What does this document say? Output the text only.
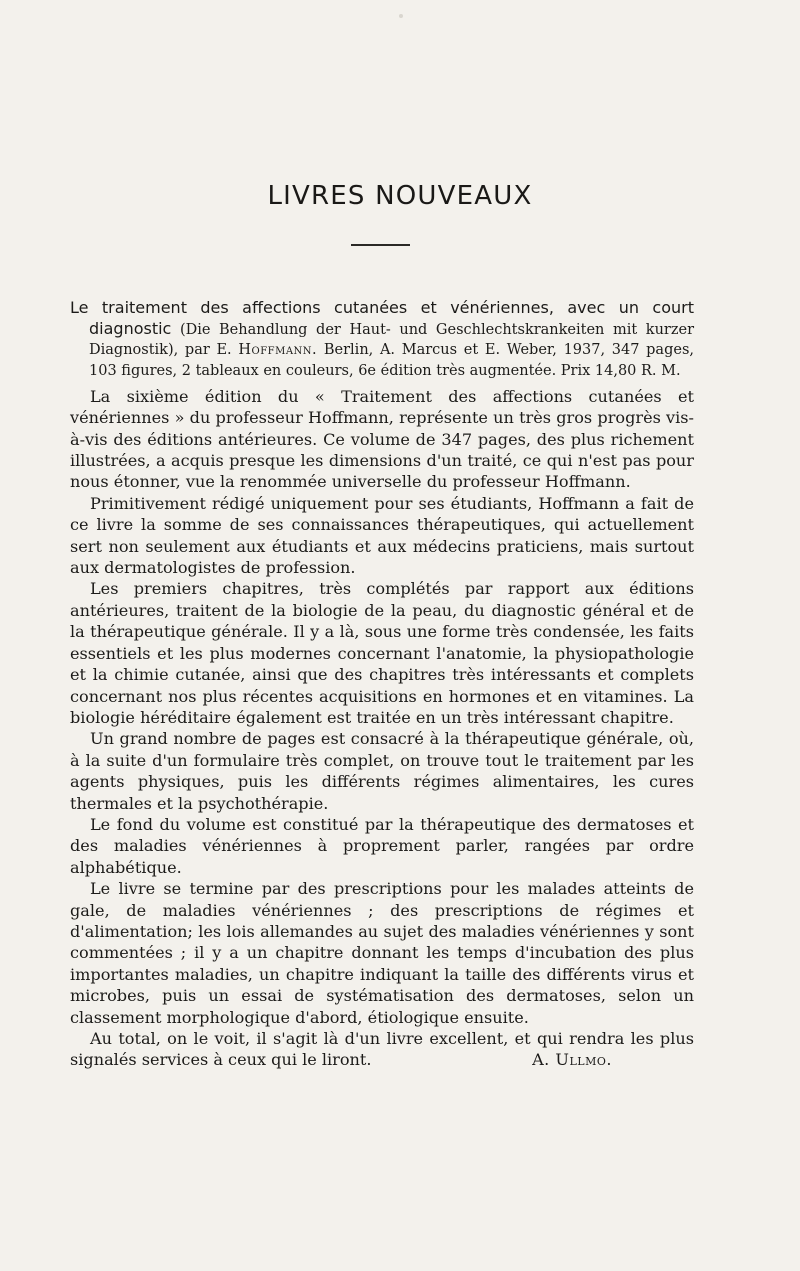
LIVRES NOUVEAUX

Le traitement des affections cutanées et vénériennes, avec un court diagnostic (Die Behandlung der Haut- und Geschlechtskrankeiten mit kurzer Diagnostik), par E. Hoffmann. Berlin, A. Marcus et E. Weber, 1937, 347 pages, 103 figures, 2 tableaux en couleurs, 6e édition très augmentée. Prix 14,80 R. M.

La sixième édition du « Traitement des affections cutanées et vénériennes » du professeur Hoffmann, représente un très gros progrès vis-à-vis des éditions antérieures. Ce volume de 347 pages, des plus richement illustrées, a acquis presque les dimensions d'un traité, ce qui n'est pas pour nous étonner, vue la renommée universelle du professeur Hoffmann.

Primitivement rédigé uniquement pour ses étudiants, Hoffmann a fait de ce livre la somme de ses connaissances thérapeutiques, qui actuellement sert non seulement aux étudiants et aux médecins praticiens, mais surtout aux dermatologistes de profession.

Les premiers chapitres, très complétés par rapport aux éditions antérieures, traitent de la biologie de la peau, du diagnostic général et de la thérapeutique générale. Il y a là, sous une forme très condensée, les faits essentiels et les plus modernes concernant l'anatomie, la physiopathologie et la chimie cutanée, ainsi que des chapitres très intéressants et complets concernant nos plus récentes acquisitions en hormones et en vitamines. La biologie héréditaire également est traitée en un très intéressant chapitre.

Un grand nombre de pages est consacré à la thérapeutique générale, où, à la suite d'un formulaire très complet, on trouve tout le traitement par les agents physiques, puis les différents régimes alimentaires, les cures thermales et la psychothérapie.

Le fond du volume est constitué par la thérapeutique des dermatoses et des maladies vénériennes à proprement parler, rangées par ordre alphabétique.

Le livre se termine par des prescriptions pour les malades atteints de gale, de maladies vénériennes ; des prescriptions de régimes et d'alimentation; les lois allemandes au sujet des maladies vénériennes y sont commentées ; il y a un chapitre donnant les temps d'incubation des plus importantes maladies, un chapitre indiquant la taille des différents virus et microbes, puis un essai de systématisation des dermatoses, selon un classement morphologique d'abord, étiologique ensuite.

Au total, on le voit, il s'agit là d'un livre excellent, et qui rendra les plus signalés services à ceux qui le liront.	A. Ullmo.
